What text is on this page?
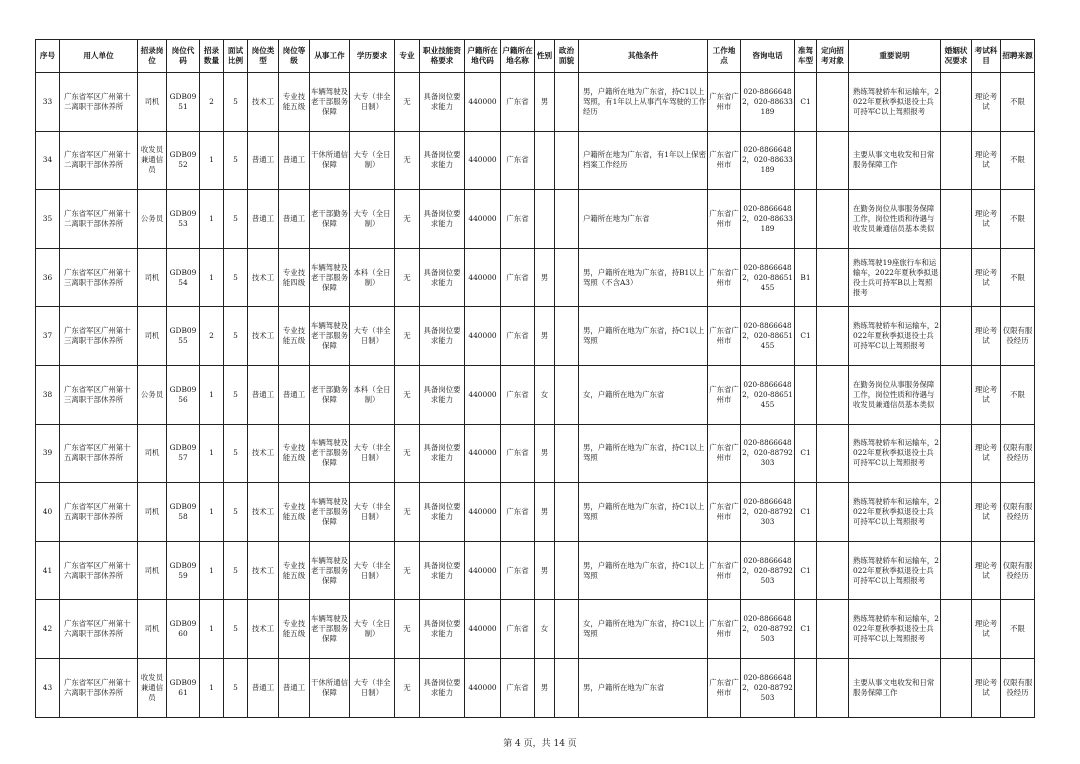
序号	用人单位	招录岗位	岗位代码	招录数量	面试比例	岗位类型	岗位等级	从事工作	学历要求	专业	职业技能资格要求	户籍所在地代码	户籍所在地名称	性别	政治面貌	其他条件	工作地点	咨询电话	准驾车型	定向招考对象	重要说明	婚姻状况要求	考试科目	招聘来源
33	广东省军区广州第十二离职干部休养所	司机	GDB0951	2	5	技术工	专业技能五级	车辆驾驶及老干部服务保障	大专（非全日制）	无	具备岗位要求能力	440000	广东省	男		男，户籍所在地为广东省，持C1以上驾照，有1年以上从事汽车驾驶的工作经历	广东省广州市	020-88666482，020-88633189	C1		熟练驾驶轿车和运输车，2022年夏秋季拟退役士兵可持军C以上驾照报考		理论考试	不限
34	广东省军区广州第十二离职干部休养所	收发员兼通信员	GDB0952	1	5	普通工	普通工	干休所通信保障	大专（全日制）	无	具备岗位要求能力	440000	广东省			户籍所在地为广东省，有1年以上保密档案工作经历	广东省广州市	020-88666482，020-88633189			主要从事文电收发和日常服务保障工作		理论考试	不限
35	广东省军区广州第十二离职干部休养所	公务员	GDB0953	1	5	普通工	普通工	老干部勤务保障	大专（全日制）	无	具备岗位要求能力	440000	广东省			户籍所在地为广东省	广东省广州市	020-88666482，020-88633189			在勤务岗位从事服务保障工作，岗位性质和待遇与收发员兼通信员基本类似		理论考试	不限
36	广东省军区广州第十三离职干部休养所	司机	GDB0954	1	5	技术工	专业技能四级	车辆驾驶及老干部服务保障	本科（全日制）	无	具备岗位要求能力	440000	广东省	男		男，户籍所在地为广东省，持B1以上驾照（不含A3）	广东省广州市	020-88666482，020-88651455	B1		熟练驾驶19座旅行车和运输车，2022年夏秋季拟退役士兵可持军B以上驾照报考		理论考试	不限
37	广东省军区广州第十三离职干部休养所	司机	GDB0955	2	5	技术工	专业技能五级	车辆驾驶及老干部服务保障	大专（非全日制）	无	具备岗位要求能力	440000	广东省	男		男，户籍所在地为广东省，持C1以上驾照	广东省广州市	020-88666482，020-88651455	C1		熟练驾驶轿车和运输车，2022年夏秋季拟退役士兵可持军C以上驾照报考		理论考试	仅限有服役经历
38	广东省军区广州第十三离职干部休养所	公务员	GDB0956	1	5	普通工	普通工	老干部勤务保障	本科（全日制）	无	具备岗位要求能力	440000	广东省	女		女，户籍所在地为广东省	广东省广州市	020-88666482，020-88651455			在勤务岗位从事服务保障工作，岗位性质和待遇与收发员兼通信员基本类似		理论考试	不限
39	广东省军区广州第十五离职干部休养所	司机	GDB0957	1	5	技术工	专业技能五级	车辆驾驶及老干部服务保障	大专（非全日制）	无	具备岗位要求能力	440000	广东省	男		男，户籍所在地为广东省，持C1以上驾照	广东省广州市	020-88666482，020-88792303	C1		熟练驾驶轿车和运输车，2022年夏秋季拟退役士兵可持军C以上驾照报考		理论考试	仅限有服役经历
40	广东省军区广州第十五离职干部休养所	司机	GDB0958	1	5	技术工	专业技能五级	车辆驾驶及老干部服务保障	大专（非全日制）	无	具备岗位要求能力	440000	广东省	男		男，户籍所在地为广东省，持C1以上驾照	广东省广州市	020-88666482，020-88792303	C1		熟练驾驶轿车和运输车，2022年夏秋季拟退役士兵可持军C以上驾照报考		理论考试	仅限有服役经历
41	广东省军区广州第十六离职干部休养所	司机	GDB0959	1	5	技术工	专业技能五级	车辆驾驶及老干部服务保障	大专（非全日制）	无	具备岗位要求能力	440000	广东省	男		男，户籍所在地为广东省，持C1以上驾照	广东省广州市	020-88666482，020-88792503	C1		熟练驾驶轿车和运输车，2022年夏秋季拟退役士兵可持军C以上驾照报考		理论考试	仅限有服役经历
42	广东省军区广州第十六离职干部休养所	司机	GDB0960	1	5	技术工	专业技能五级	车辆驾驶及老干部服务保障	大专（全日制）	无	具备岗位要求能力	440000	广东省	女		女，户籍所在地为广东省，持C1以上驾照	广东省广州市	020-88666482，020-88792503	C1		熟练驾驶轿车和运输车，2022年夏秋季拟退役士兵可持军C以上驾照报考		理论考试	不限
43	广东省军区广州第十六离职干部休养所	收发员兼通信员	GDB0961	1	5	普通工	普通工	干休所通信保障	大专（非全日制）	无	具备岗位要求能力	440000	广东省	男		男，户籍所在地为广东省	广东省广州市	020-88666482，020-88792503			主要从事文电收发和日常服务保障工作		理论考试	仅限有服役经历
第 4 页，共 14 页
